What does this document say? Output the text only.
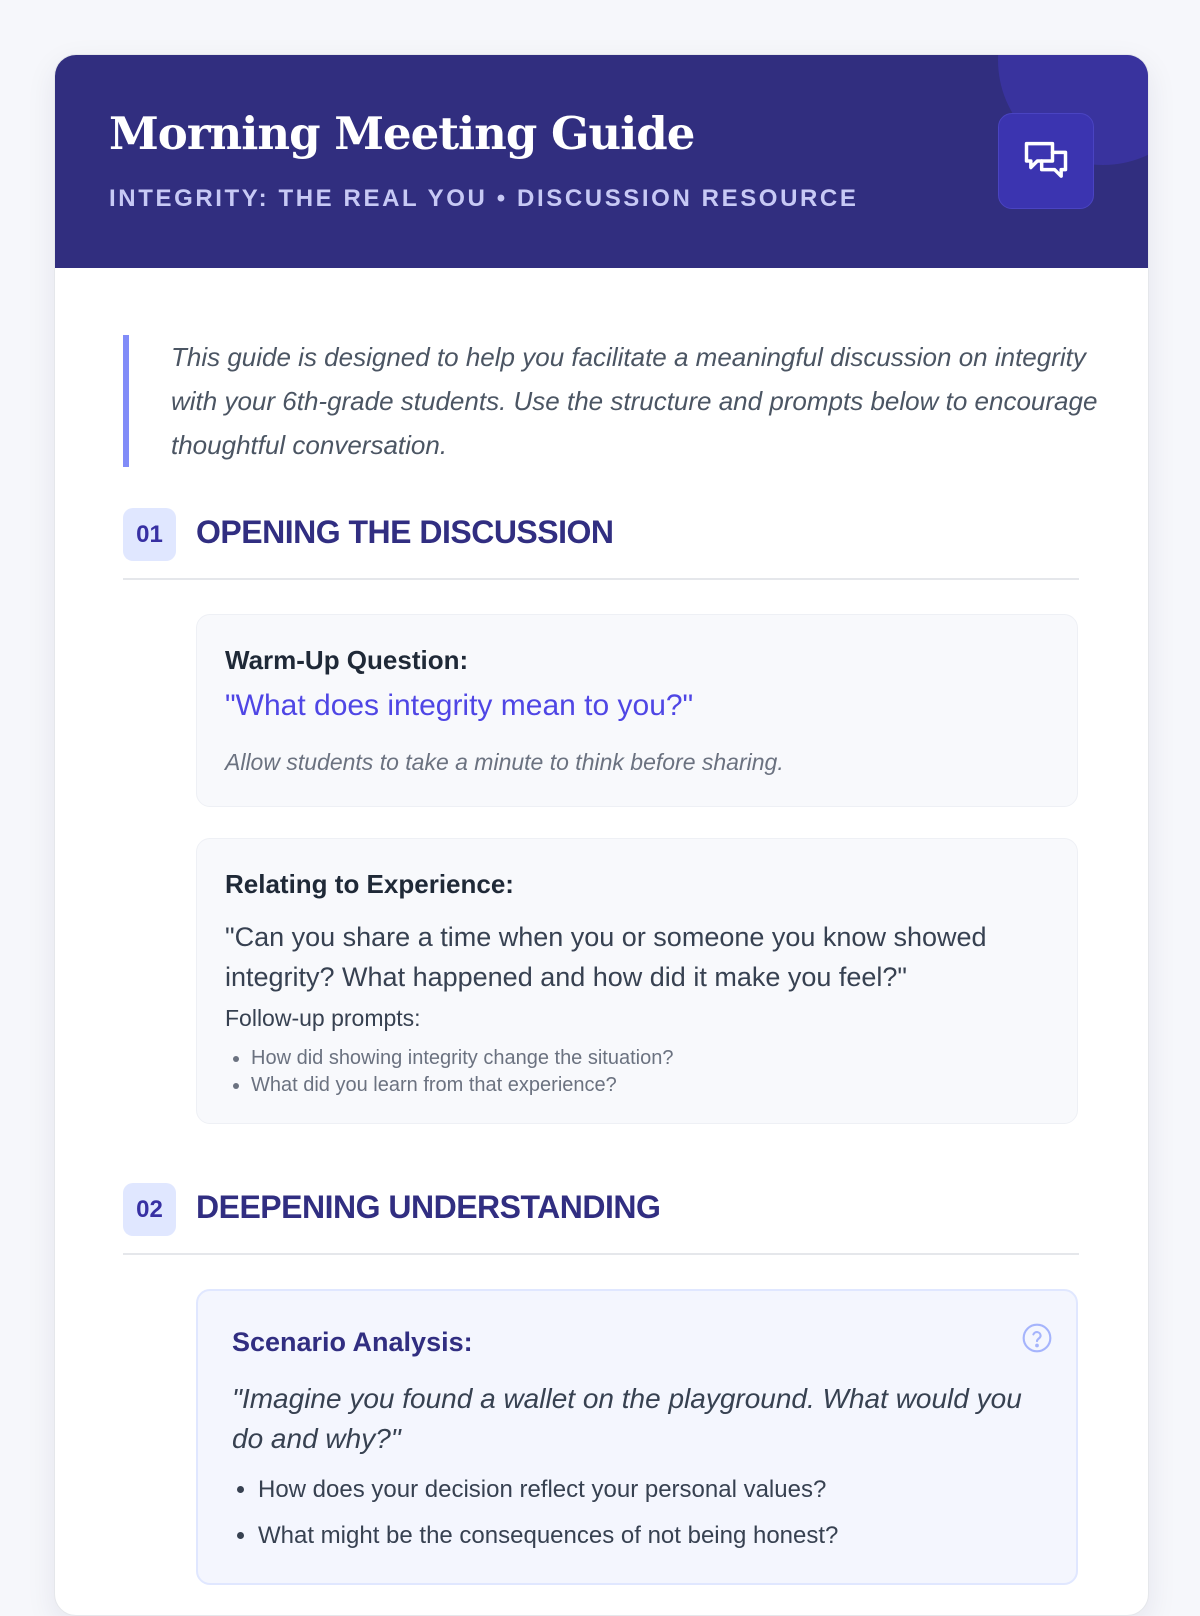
Morning Meeting Guide

INTEGRITY: THE REAL YOU • DISCUSSION RESOURCE

This guide is designed to help you facilitate a meaningful discussion on integrity with your 6th-grade students. Use the structure and prompts below to encourage thoughtful conversation.
01	OPENING THE DISCUSSION

Warm-Up Question:

"What does integrity mean to you?"

Allow students to take a minute to think before sharing.

Relating to Experience:

"Can you share a time when you or someone you know showed integrity? What happened and how did it make you feel?"

Follow-up prompts:

• How did showing integrity change the situation?
• What did you learn from that experience?
02	DEEPENING UNDERSTANDING

Scenario Analysis:

"Imagine you found a wallet on the playground. What would you do and why?"

• How does your decision reflect your personal values?
• What might be the consequences of not being honest?
